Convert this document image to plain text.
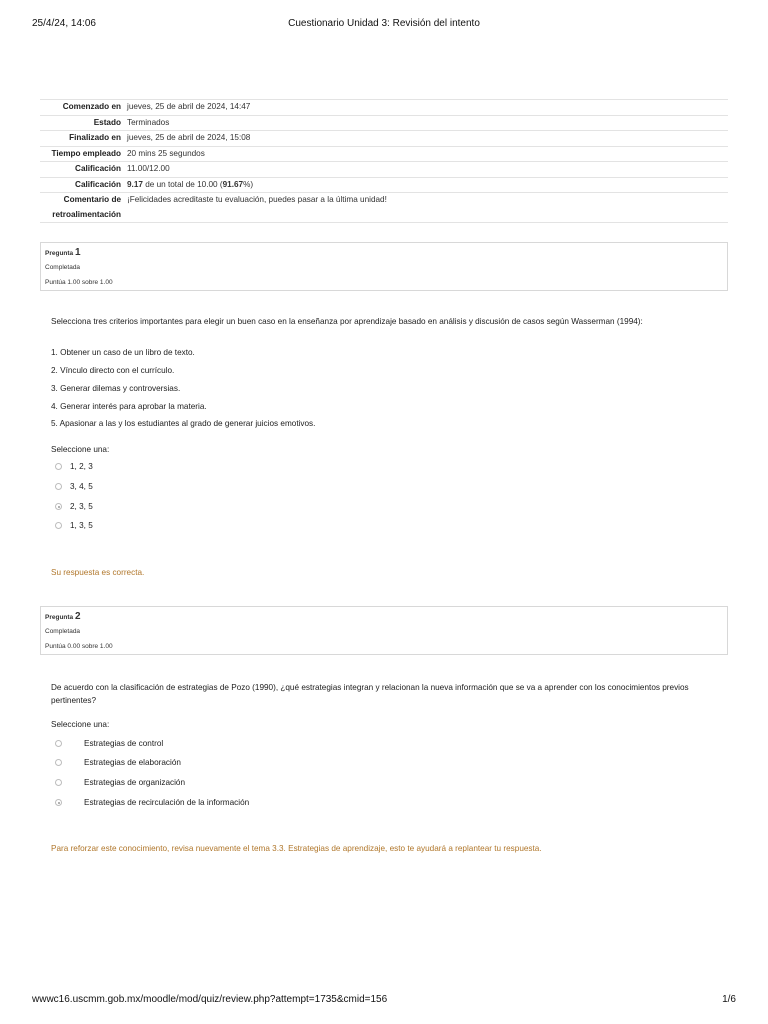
25/4/24, 14:06	Cuestionario Unidad 3: Revisión del intento
Comenzado en	jueves, 25 de abril de 2024, 14:47
Estado	Terminados
Finalizado en	jueves, 25 de abril de 2024, 15:08
Tiempo empleado	20 mins 25 segundos
Calificación	11.00/12.00
Calificación	9.17 de un total de 10.00 (91.67%)
Comentario de retroalimentación	¡Felicidades acreditaste tu evaluación, puedes pasar a la última unidad!
Pregunta 1
Completada
Puntúa 1.00 sobre 1.00
Selecciona tres criterios importantes para elegir un buen caso en la enseñanza por aprendizaje basado en análisis y discusión de casos según Wasserman (1994):
1. Obtener un caso de un libro de texto.
2. Vínculo directo con el currículo.
3. Generar dilemas y controversias.
4. Generar interés para aprobar la materia.
5. Apasionar a las y los estudiantes al grado de generar juicios emotivos.
Seleccione una:
1, 2, 3
3, 4, 5
2, 3, 5
1, 3, 5
Su respuesta es correcta.
Pregunta 2
Completada
Puntúa 0.00 sobre 1.00
De acuerdo con la clasificación de estrategias de Pozo (1990), ¿qué estrategias integran y relacionan la nueva información que se va a aprender con los conocimientos previos pertinentes?
Seleccione una:
Estrategias de control
Estrategias de elaboración
Estrategias de organización
Estrategias de recirculación de la información
Para reforzar este conocimiento, revisa nuevamente el tema 3.3. Estrategias de aprendizaje, esto te ayudará a replantear tu respuesta.
wwwc16.uscmm.gob.mx/moodle/mod/quiz/review.php?attempt=1735&cmid=156	1/6
